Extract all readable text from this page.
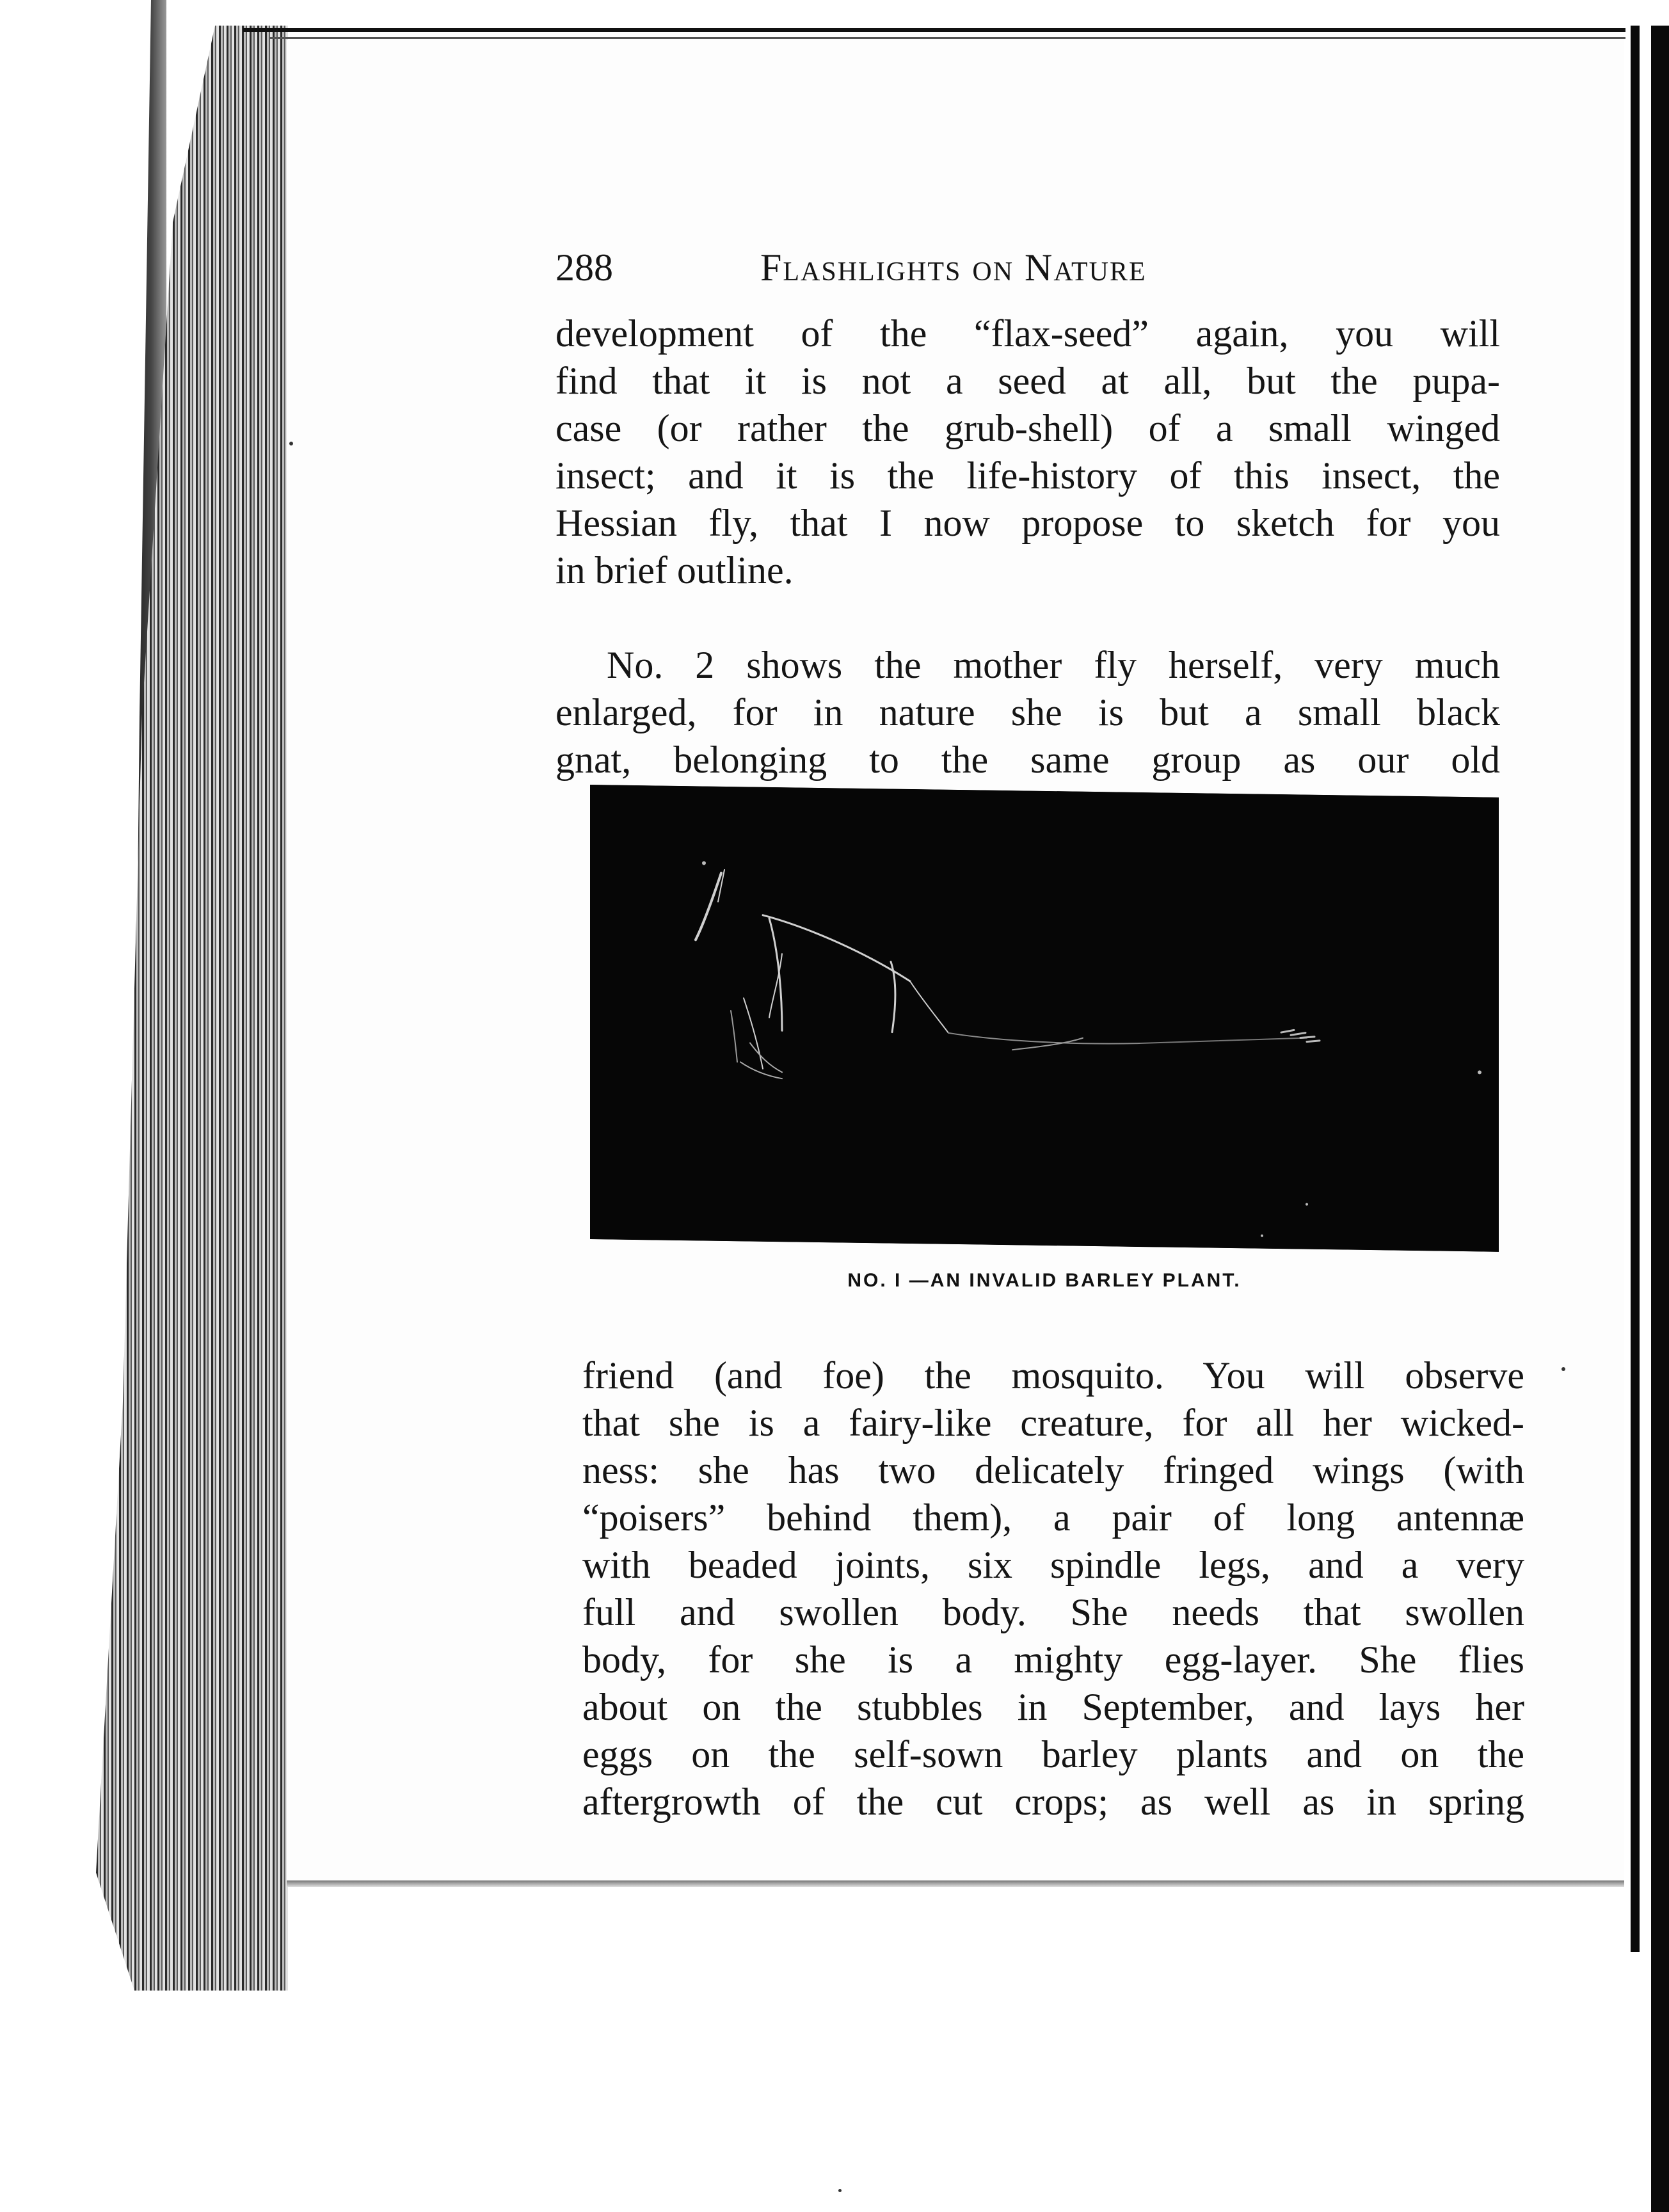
288	Flashlights on Nature
development of the “flax-seed” again, you will
find that it is not a seed at all, but the pupa-
case (or rather the grub-shell) of a small winged
insect; and it is the life-history of this insect, the
Hessian fly, that I now propose to sketch for you
in brief outline.
No. 2 shows the mother fly herself, very much
enlarged, for in nature she is but a small black
gnat, belonging to the same group as our old
NO. I —AN INVALID BARLEY PLANT.
friend (and foe) the mosquito. You will observe
that she is a fairy-like creature, for all her wicked-
ness: she has two delicately fringed wings (with
“poisers” behind them), a pair of long antennæ
with beaded joints, six spindle legs, and a very
full and swollen body. She needs that swollen
body, for she is a mighty egg-layer. She flies
about on the stubbles in September, and lays her
eggs on the self-sown barley plants and on the
aftergrowth of the cut crops; as well as in spring
